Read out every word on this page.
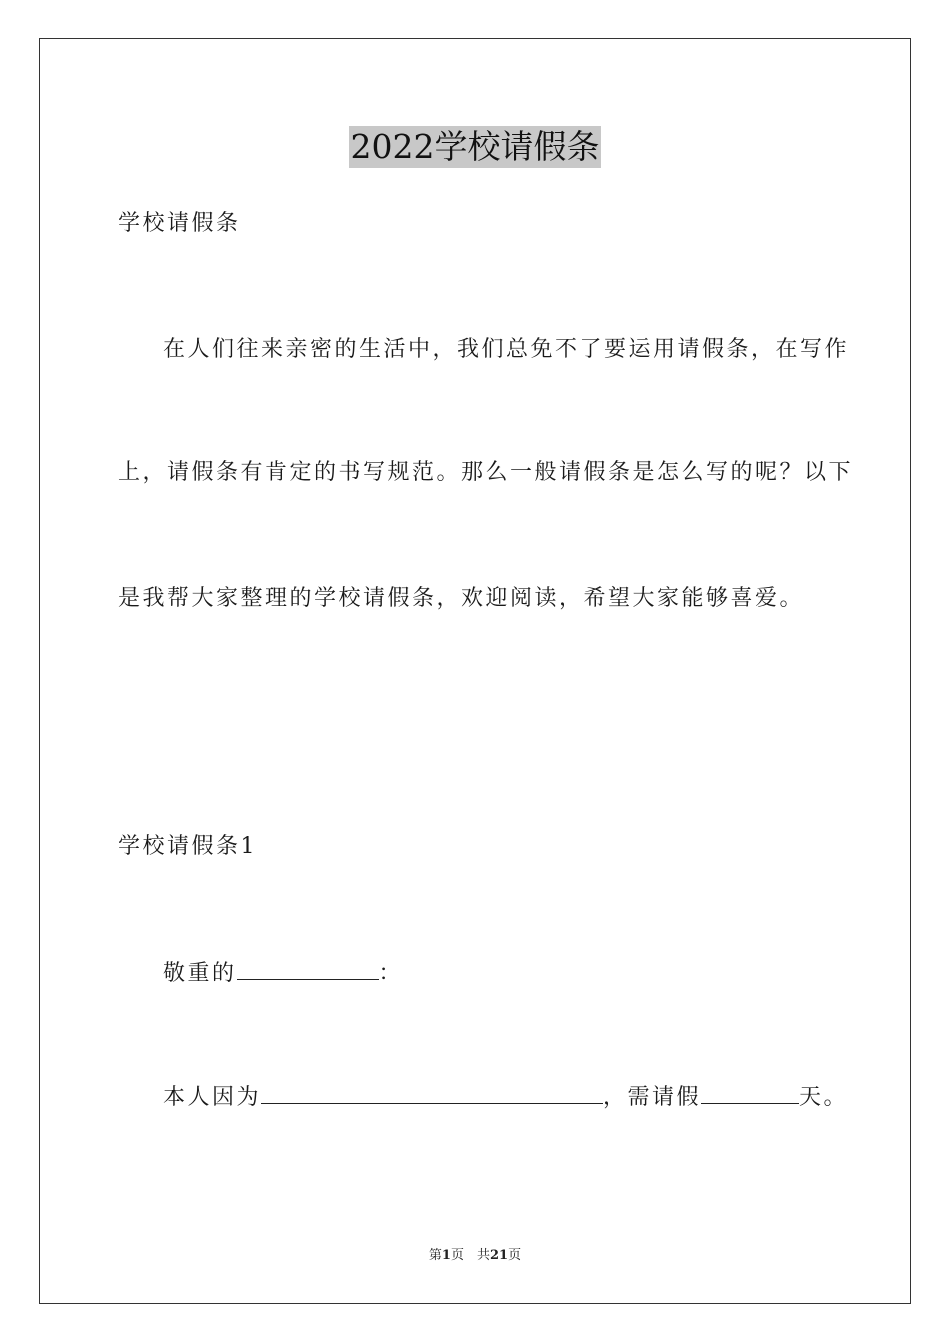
2022学校请假条
学校请假条
在人们往来亲密的生活中，我们总免不了要运用请假条，在写作
上，请假条有肯定的书写规范。那么一般请假条是怎么写的呢？以下
是我帮大家整理的学校请假条，欢迎阅读，希望大家能够喜爱。
学校请假条1
敬重的	：
本人因为	，需请假	天。
第1页　共21页
